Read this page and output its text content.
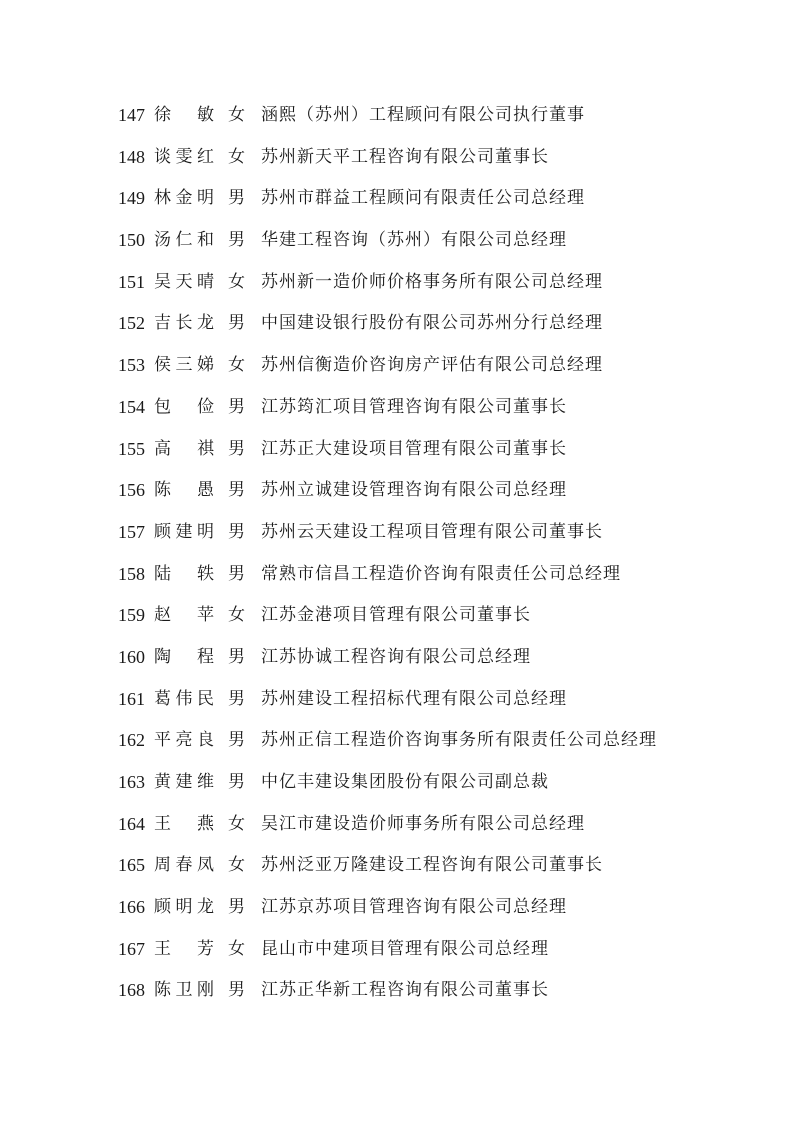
147 徐 敏 女 涵熙（苏州）工程顾问有限公司执行董事
148 谈 雯 红 女 苏州新天平工程咨询有限公司董事长
149 林 金 明 男 苏州市群益工程顾问有限责任公司总经理
150 汤 仁 和 男 华建工程咨询（苏州）有限公司总经理
151 吴 天 晴 女 苏州新一造价师价格事务所有限公司总经理
152 吉 长 龙 男 中国建设银行股份有限公司苏州分行总经理
153 侯 三 娣 女 苏州信衡造价咨询房产评估有限公司总经理
154 包 俭 男 江苏筠汇项目管理咨询有限公司董事长
155 高 祺 男 江苏正大建设项目管理有限公司董事长
156 陈 愚 男 苏州立诚建设管理咨询有限公司总经理
157 顾 建 明 男 苏州云天建设工程项目管理有限公司董事长
158 陆 轶 男 常熟市信昌工程造价咨询有限责任公司总经理
159 赵 苹 女 江苏金港项目管理有限公司董事长
160 陶 程 男 江苏协诚工程咨询有限公司总经理
161 葛 伟 民 男 苏州建设工程招标代理有限公司总经理
162 平 亮 良 男 苏州正信工程造价咨询事务所有限责任公司总经理
163 黄 建 维 男 中亿丰建设集团股份有限公司副总裁
164 王 燕 女 吴江市建设造价师事务所有限公司总经理
165 周 春 凤 女 苏州泛亚万隆建设工程咨询有限公司董事长
166 顾 明 龙 男 江苏京苏项目管理咨询有限公司总经理
167 王 芳 女 昆山市中建项目管理有限公司总经理
168 陈 卫 刚 男 江苏正华新工程咨询有限公司董事长
